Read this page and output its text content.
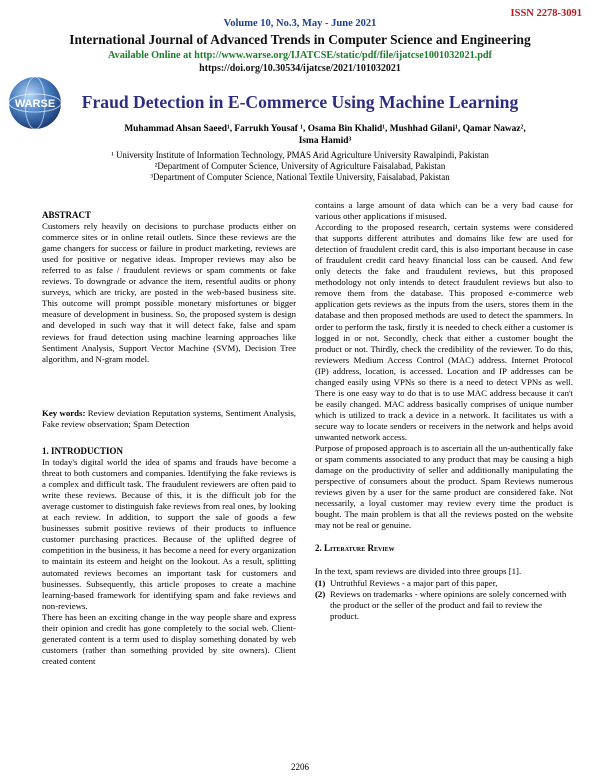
ISSN 2278-3091
Volume 10, No.3, May - June 2021
International Journal of Advanced Trends in Computer Science and Engineering
Available Online at http://www.warse.org/IJATCSE/static/pdf/file/ijatcse1001032021.pdf
https://doi.org/10.30534/ijatcse/2021/101032021
WARSE	Fraud Detection in E-Commerce Using Machine Learning
Muhammad Ahsan Saeed¹, Farrukh Yousaf ¹, Osama Bin Khalid¹, Mushhad Gilani¹, Qamar Nawaz²,
Isma Hamid³
¹ University Institute of Information Technology, PMAS Arid Agriculture University Rawalpindi, Pakistan
²Department of Computer Science, University of Agriculture Faisalabad, Pakistan
³Department of Computer Science, National Textile University, Faisalabad, Pakistan
ABSTRACT

Customers rely heavily on decisions to purchase products either on commerce sites or in online retail outlets. Since these reviews are the game changers for success or failure in product marketing, reviews are used for positive or negative ideas. Improper reviews may also be referred to as false / fraudulent reviews or spam comments or fake reviews. To downgrade or advance the item, resentful audits or phony surveys, which are tricky, are posted in the web-based business site. This outcome will prompt possible monetary misfortunes or bigger measure of development in business. So, the proposed system is design and developed in such way that it will detect fake, false and spam reviews for fraud detection using machine learning approaches like Sentiment Analysis, Support Vector Machine (SVM), Decision Tree algorithm, and N-gram model.

Key words: Review deviation Reputation systems, Sentiment Analysis, Fake review observation; Spam Detection

1. INTRODUCTION

In today's digital world the idea of spams and frauds have become a threat to both customers and companies. Identifying the fake reviews is a complex and difficult task. The fraudulent reviewers are often paid to write these reviews. Because of this, it is the difficult job for the average customer to distinguish fake reviews from real ones, by looking at each review. In addition, to support the sale of goods a few businesses submit positive reviews of their products to influence customer purchasing practices. Because of the uplifted degree of competition in the business, it has become a need for every organization to maintain its esteem and height on the lookout. As a result, splitting automated reviews becomes an important task for customers and businesses. Subsequently, this article proposes to create a machine learning-based framework for identifying spam and fake reviews and non-reviews.

There has been an exciting change in the way people share and express their opinion and credit has gone completely to the social web. Client-generated content is a term used to display something donated by web customers (rather than something provided by site owners). Client created content

contains a large amount of data which can be a very bad cause for various other applications if misused.

According to the proposed research, certain systems were considered that supports different attributes and domains like few are used for detection of fraudulent credit card, this is also important because in case of fraudulent credit card heavy financial loss can be caused. And few only detects the fake and fraudulent reviews, but this proposed methodology not only intends to detect fraudulent reviews but also to remove them from the database. This proposed e-commerce web application gets reviews as the inputs from the users, stores them in the database and then proposed methods are used to detect the spammers. In order to perform the task, firstly it is needed to check either a customer is logged in or not. Secondly, check that either a customer bought the product or not. Thirdly, check the credibility of the reviewer. To do this, reviewers Medium Access Control (MAC) address. Internet Protocol (IP) address, location, is accessed. Location and IP addresses can be changed easily using VPNs so there is a need to detect VPNs as well. There is one easy way to do that is to use MAC address because it can't be easily changed. MAC address basically comprises of unique number which is utilized to track a device in a network. It facilitates us with a secure way to locate senders or receivers in the network and helps avoid unwanted network access.

Purpose of proposed approach is to ascertain all the un-authentically fake or spam comments associated to any product that may be causing a high damage on the productivity of seller and additionally manipulating the perspective of consumers about the product. Spam Reviews numerous reviews given by a user for the same product are considered fake. Not necessarily, a loyal customer may review every time the product is bought. The main problem is that all the reviews posted on the website may not be real or genuine.

2. Literature Review

In the text, spam reviews are divided into three groups [1].

(1) Untruthful Reviews - a major part of this paper,
(2) Reviews on trademarks - where opinions are solely concerned with the product or the seller of the product and fail to review the product.
2206
